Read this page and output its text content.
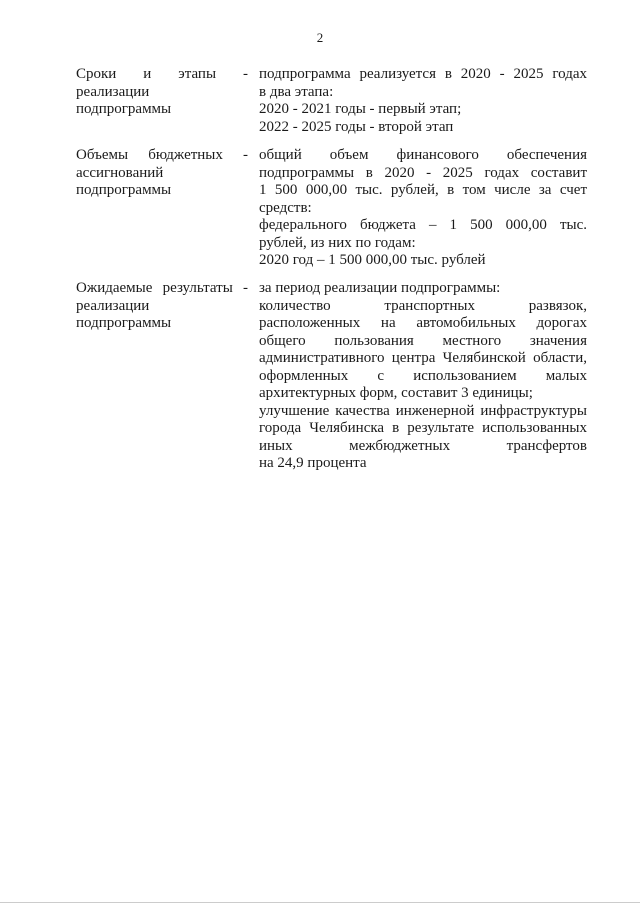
2
Сроки и этапы -
реализации
подпрограммы
подпрограмма реализуется в 2020 - 2025 годах
в два этапа:
2020 - 2021 годы - первый этап;
2022 - 2025 годы - второй этап
Объемы бюджетных -
ассигнований
подпрограммы
общий объем финансового обеспечения
подпрограммы в 2020 - 2025 годах составит
1 500 000,00 тыс. рублей, в том числе за счет
средств:
федерального бюджета – 1 500 000,00 тыс.
рублей, из них по годам:
2020 год – 1 500 000,00 тыс. рублей
Ожидаемые результаты -
реализации
подпрограммы
за период реализации подпрограммы:
количество транспортных развязок,
расположенных на автомобильных дорогах
общего пользования местного значения
административного центра Челябинской области,
оформленных с использованием малых
архитектурных форм, составит 3 единицы;
улучшение качества инженерной инфраструктуры
города Челябинска в результате использованных
иных межбюджетных трансфертов
на 24,9 процента
